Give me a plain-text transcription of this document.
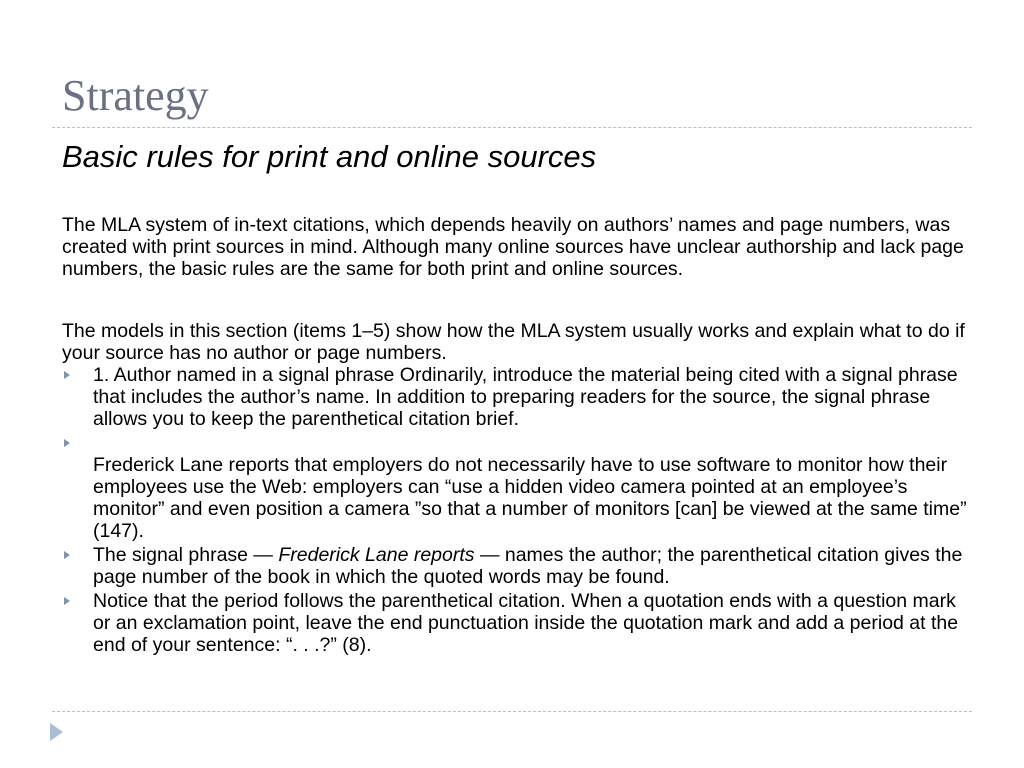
Strategy
Basic rules for print and online sources

The MLA system of in-text citations, which depends heavily on authors’ names and page numbers, was created with print sources in mind. Although many online sources have unclear authorship and lack page numbers, the basic rules are the same for both print and online sources.

The models in this section (items 1–5) show how the MLA system usually works and explain what to do if your source has no author or page numbers.

1. Author named in a signal phrase Ordinarily, introduce the material being cited with a signal phrase that includes the author’s name. In addition to preparing readers for the source, the signal phrase allows you to keep the parenthetical citation brief.
Frederick Lane reports that employers do not necessarily have to use software to monitor how their employees use the Web: employers can “use a hidden video camera pointed at an employee’s monitor” and even position a camera ”so that a number of monitors [can] be viewed at the same time” (147).
The signal phrase — Frederick Lane reports — names the author; the parenthetical citation gives the page number of the book in which the quoted words may be found.
Notice that the period follows the parenthetical citation. When a quotation ends with a question mark or an exclamation point, leave the end punctuation inside the quotation mark and add a period at the end of your sentence: “. . .?” (8).
